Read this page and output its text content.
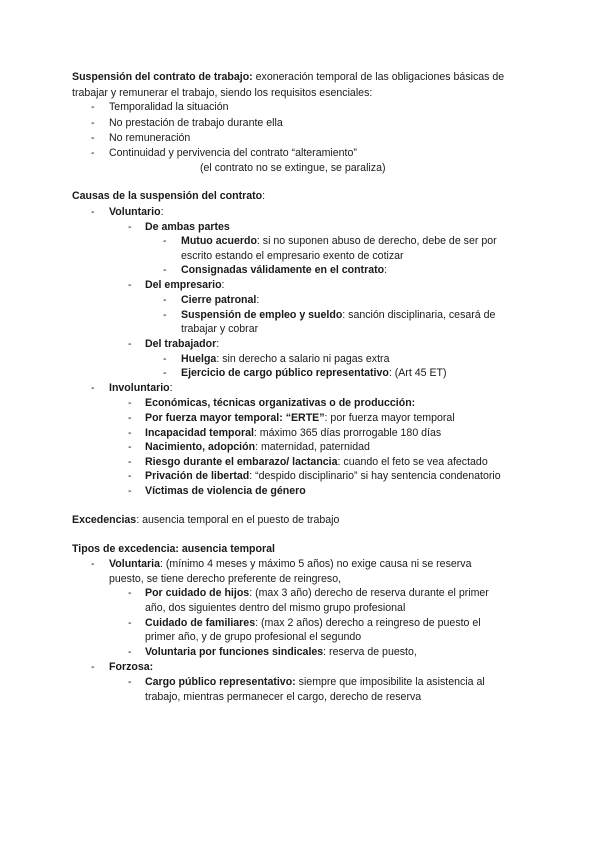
Suspensión del contrato de trabajo: exoneración temporal de las obligaciones básicas de
trabajar y remunerar el trabajo, siendo los requisitos esenciales:
- Temporalidad la situación
- No prestación de trabajo durante ella
- No remuneración
- Continuidad y pervivencia del contrato “alteramiento”
(el contrato no se extingue, se paraliza)
Causas de la suspensión del contrato:
- Voluntario:
- De ambas partes
- Mutuo acuerdo: si no suponen abuso de derecho, debe de ser por
escrito estando el empresario exento de cotizar
- Consignadas válidamente en el contrato:
- Del empresario:
- Cierre patronal:
- Suspensión de empleo y sueldo: sanción disciplinaria, cesará de
trabajar y cobrar
- Del trabajador:
- Huelga: sin derecho a salario ni pagas extra
- Ejercicio de cargo público representativo: (Art 45 ET)
- Involuntario:
- Económicas, técnicas organizativas o de producción:
- Por fuerza mayor temporal: “ERTE”: por fuerza mayor temporal
- Incapacidad temporal: máximo 365 días prorrogable 180 días
- Nacimiento, adopción: maternidad, paternidad
- Riesgo durante el embarazo/ lactancia: cuando el feto se vea afectado
- Privación de libertad: “despido disciplinario” si hay sentencia condenatorio
- Víctimas de violencia de género
Excedencias: ausencia temporal en el puesto de trabajo
Tipos de excedencia: ausencia temporal
- Voluntaria: (mínimo 4 meses y máximo 5 años) no exige causa ni se reserva
puesto, se tiene derecho preferente de reingreso,
- Por cuidado de hijos: (max 3 año) derecho de reserva durante el primer
año, dos siguientes dentro del mismo grupo profesional
- Cuidado de familiares: (max 2 años) derecho a reingreso de puesto el
primer año, y de grupo profesional el segundo
- Voluntaria por funciones sindicales: reserva de puesto,
- Forzosa:
- Cargo público representativo: siempre que imposibilite la asistencia al
trabajo, mientras permanecer el cargo, derecho de reserva
